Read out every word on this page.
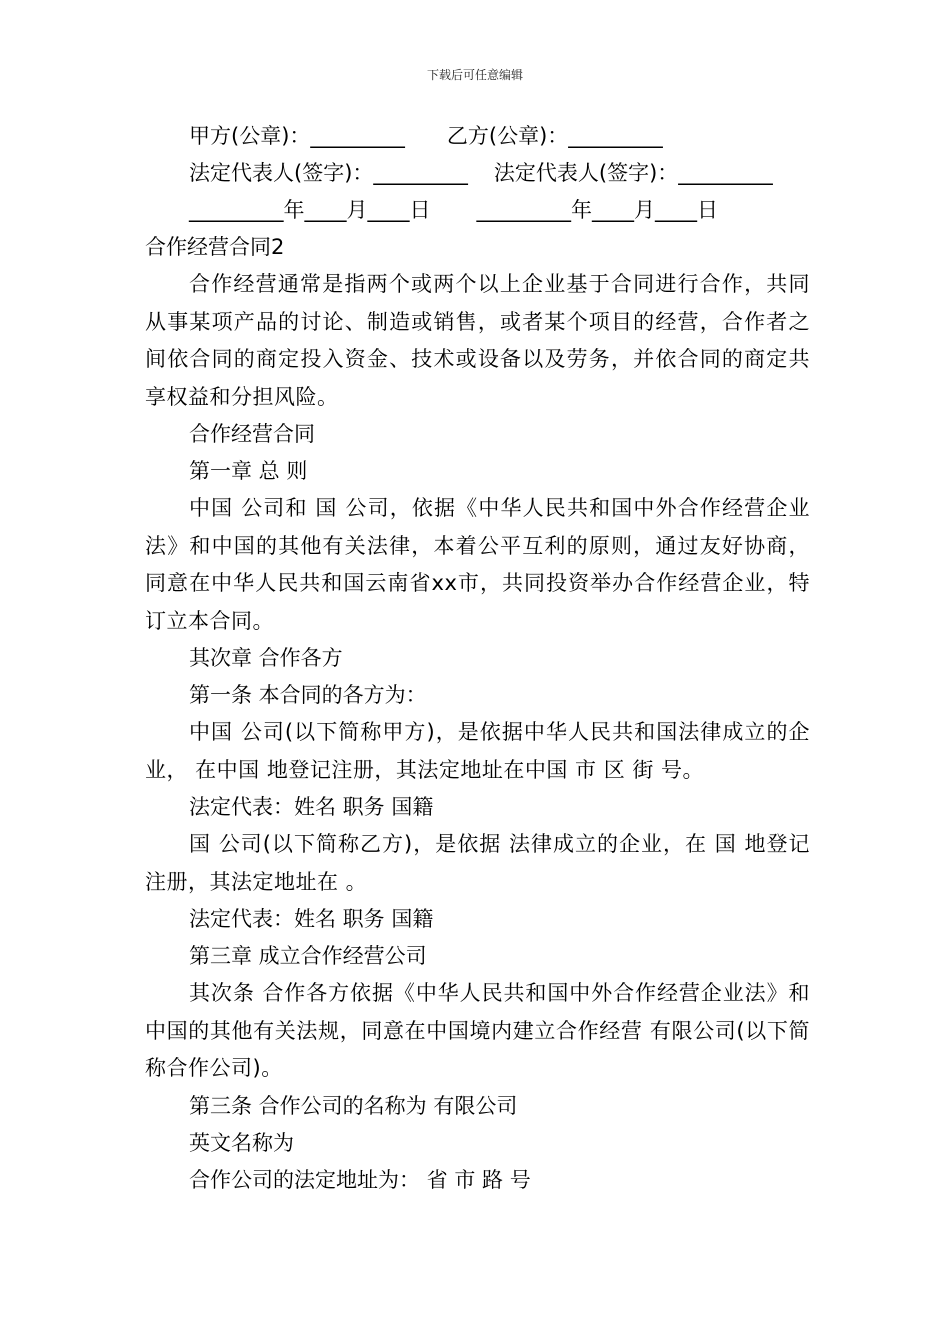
下载后可任意编辑
甲方(公章)：_________ 乙方(公章)：_________
法定代表人(签字)：_________ 法定代表人(签字)：_________
_________年____月____日 _________年____月____日
合作经营合同2
合作经营通常是指两个或两个以上企业基于合同进行合作，共同从事某项产品的讨论、制造或销售，或者某个项目的经营，合作者之间依合同的商定投入资金、技术或设备以及劳务，并依合同的商定共享权益和分担风险。
合作经营合同
第一章 总 则
中国 公司和 国 公司，依据《中华人民共和国中外合作经营企业法》和中国的其他有关法律，本着公平互利的原则，通过友好协商，同意在中华人民共和国云南省xx市，共同投资举办合作经营企业，特订立本合同。
其次章 合作各方
第一条 本合同的各方为：
中国 公司(以下简称甲方)，是依据中华人民共和国法律成立的企业， 在中国 地登记注册，其法定地址在中国 市 区 街 号。
法定代表：姓名 职务 国籍
国 公司(以下简称乙方)，是依据 法律成立的企业，在 国 地登记注册，其法定地址在 。
法定代表：姓名 职务 国籍
第三章 成立合作经营公司
其次条 合作各方依据《中华人民共和国中外合作经营企业法》和中国的其他有关法规，同意在中国境内建立合作经营 有限公司(以下简称合作公司)。
第三条 合作公司的名称为 有限公司
英文名称为
合作公司的法定地址为： 省 市 路 号
